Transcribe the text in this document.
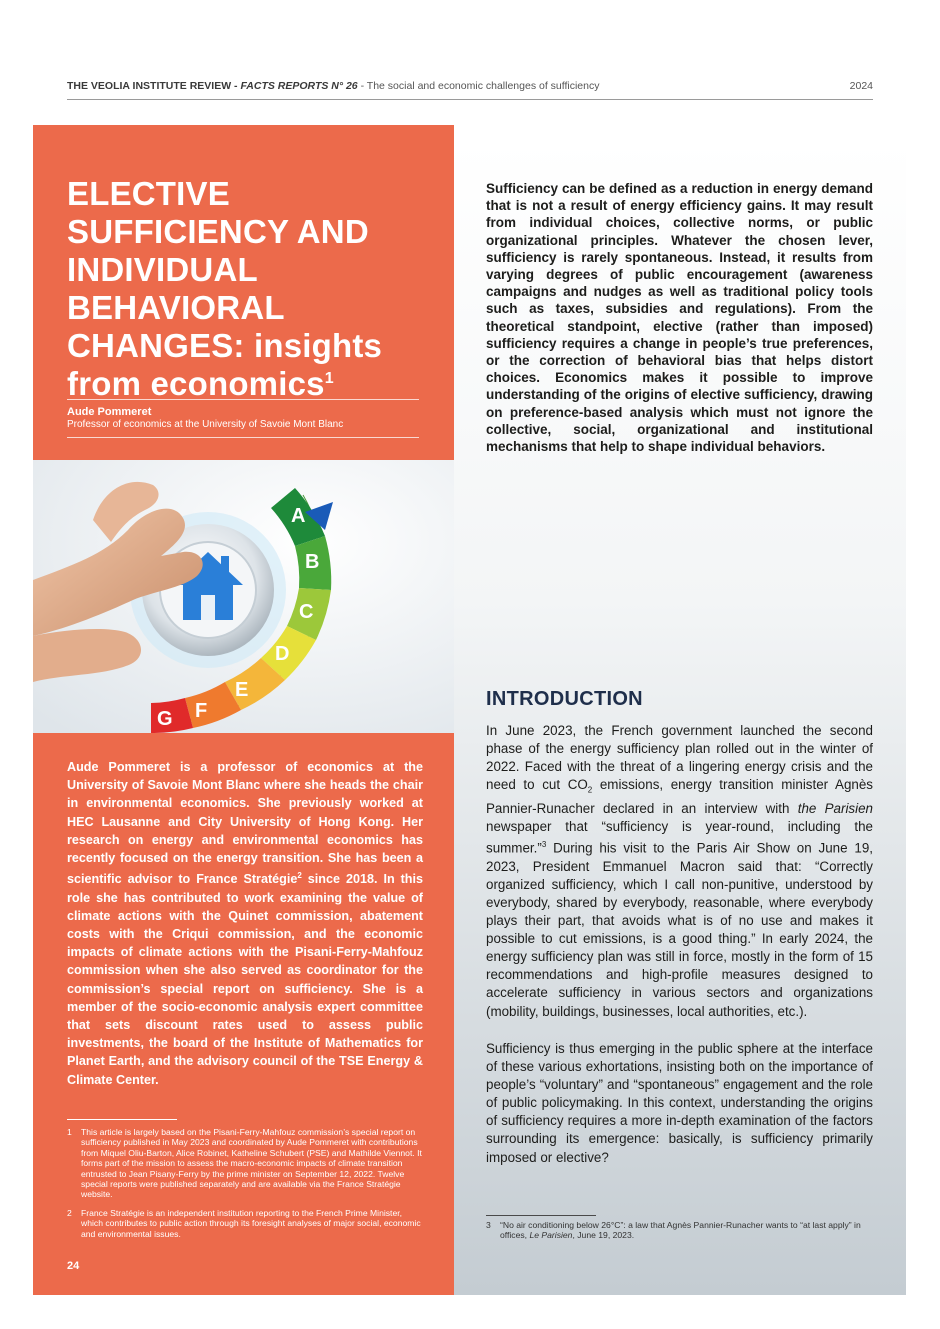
THE VEOLIA INSTITUTE REVIEW - FACTS REPORTS N° 26 - The social and economic challenges of sufficiency	2024
ELECTIVE SUFFICIENCY AND INDIVIDUAL BEHAVIORAL CHANGES: insights from economics$^1$
Aude Pommeret
Professor of economics at the University of Savoie Mont Blanc
A
B
C
D
E
F
G

Aude Pommeret is a professor of economics at the University of Savoie Mont Blanc where she heads the chair in environmental economics. She previously worked at HEC Lausanne and City University of Hong Kong. Her research on energy and environmental economics has recently focused on the energy transition. She has been a scientific advisor to France Stratégie$^2$ since 2018. In this role she has contributed to work examining the value of climate actions with the Quinet commission, abatement costs with the Criqui commission, and the economic impacts of climate actions with the Pisani-Ferry-Mahfouz commission when she also served as coordinator for the commission’s special report on sufficiency. She is a member of the socio-economic analysis expert committee that sets discount rates used to assess public investments, the board of the Institute of Mathematics for Planet Earth, and the advisory council of the TSE Energy & Climate Center.

1	This article is largely based on the Pisani-Ferry-Mahfouz commission’s special report on sufficiency published in May 2023 and coordinated by Aude Pommeret with contributions from Miquel Oliu-Barton, Alice Robinet, Katheline Schubert (PSE) and Mathilde Viennot. It forms part of the mission to assess the macro-economic impacts of climate transition entrusted to Jean Pisany-Ferry by the prime minister on September 12, 2022. Twelve special reports were published separately and are available via the France Stratégie website.
2	France Stratégie is an independent institution reporting to the French Prime Minister, which contributes to public action through its foresight analyses of major social, economic and environmental issues.
24

Sufficiency can be defined as a reduction in energy demand that is not a result of energy efficiency gains. It may result from individual choices, collective norms, or public organizational principles. Whatever the chosen lever, sufficiency is rarely spontaneous. Instead, it results from varying degrees of public encouragement (awareness campaigns and nudges as well as traditional policy tools such as taxes, subsidies and regulations). From the theoretical standpoint, elective (rather than imposed) sufficiency requires a change in people’s true preferences, or the correction of behavioral bias that helps distort choices. Economics makes it possible to improve understanding of the origins of elective sufficiency, drawing on preference-based analysis which must not ignore the collective, social, organizational and institutional mechanisms that help to shape individual behaviors.

INTRODUCTION

In June 2023, the French government launched the second phase of the energy sufficiency plan rolled out in the winter of 2022. Faced with the threat of a lingering energy crisis and the need to cut $CO_2$ emissions, energy transition minister Agnès Pannier-Runacher declared in an interview with the Parisien newspaper that “sufficiency is year-round, including the summer.”$^3$ During his visit to the Paris Air Show on June 19, 2023, President Emmanuel Macron said that: “Correctly organized sufficiency, which I call non-punitive, understood by everybody, shared by everybody, reasonable, where everybody plays their part, that avoids what is of no use and makes it possible to cut emissions, is a good thing.” In early 2024, the energy sufficiency plan was still in force, mostly in the form of 15 recommendations and high-profile measures designed to accelerate sufficiency in various sectors and organizations (mobility, buildings, businesses, local authorities, etc.).

Sufficiency is thus emerging in the public sphere at the interface of these various exhortations, insisting both on the importance of people’s “voluntary” and “spontaneous” engagement and the role of public policymaking. In this context, understanding the origins of sufficiency requires a more in-depth examination of the factors surrounding its emergence: basically, is sufficiency primarily imposed or elective?

3	“No air conditioning below 26°C”: a law that Agnès Pannier-Runacher wants to “at last apply” in offices, Le Parisien, June 19, 2023.
